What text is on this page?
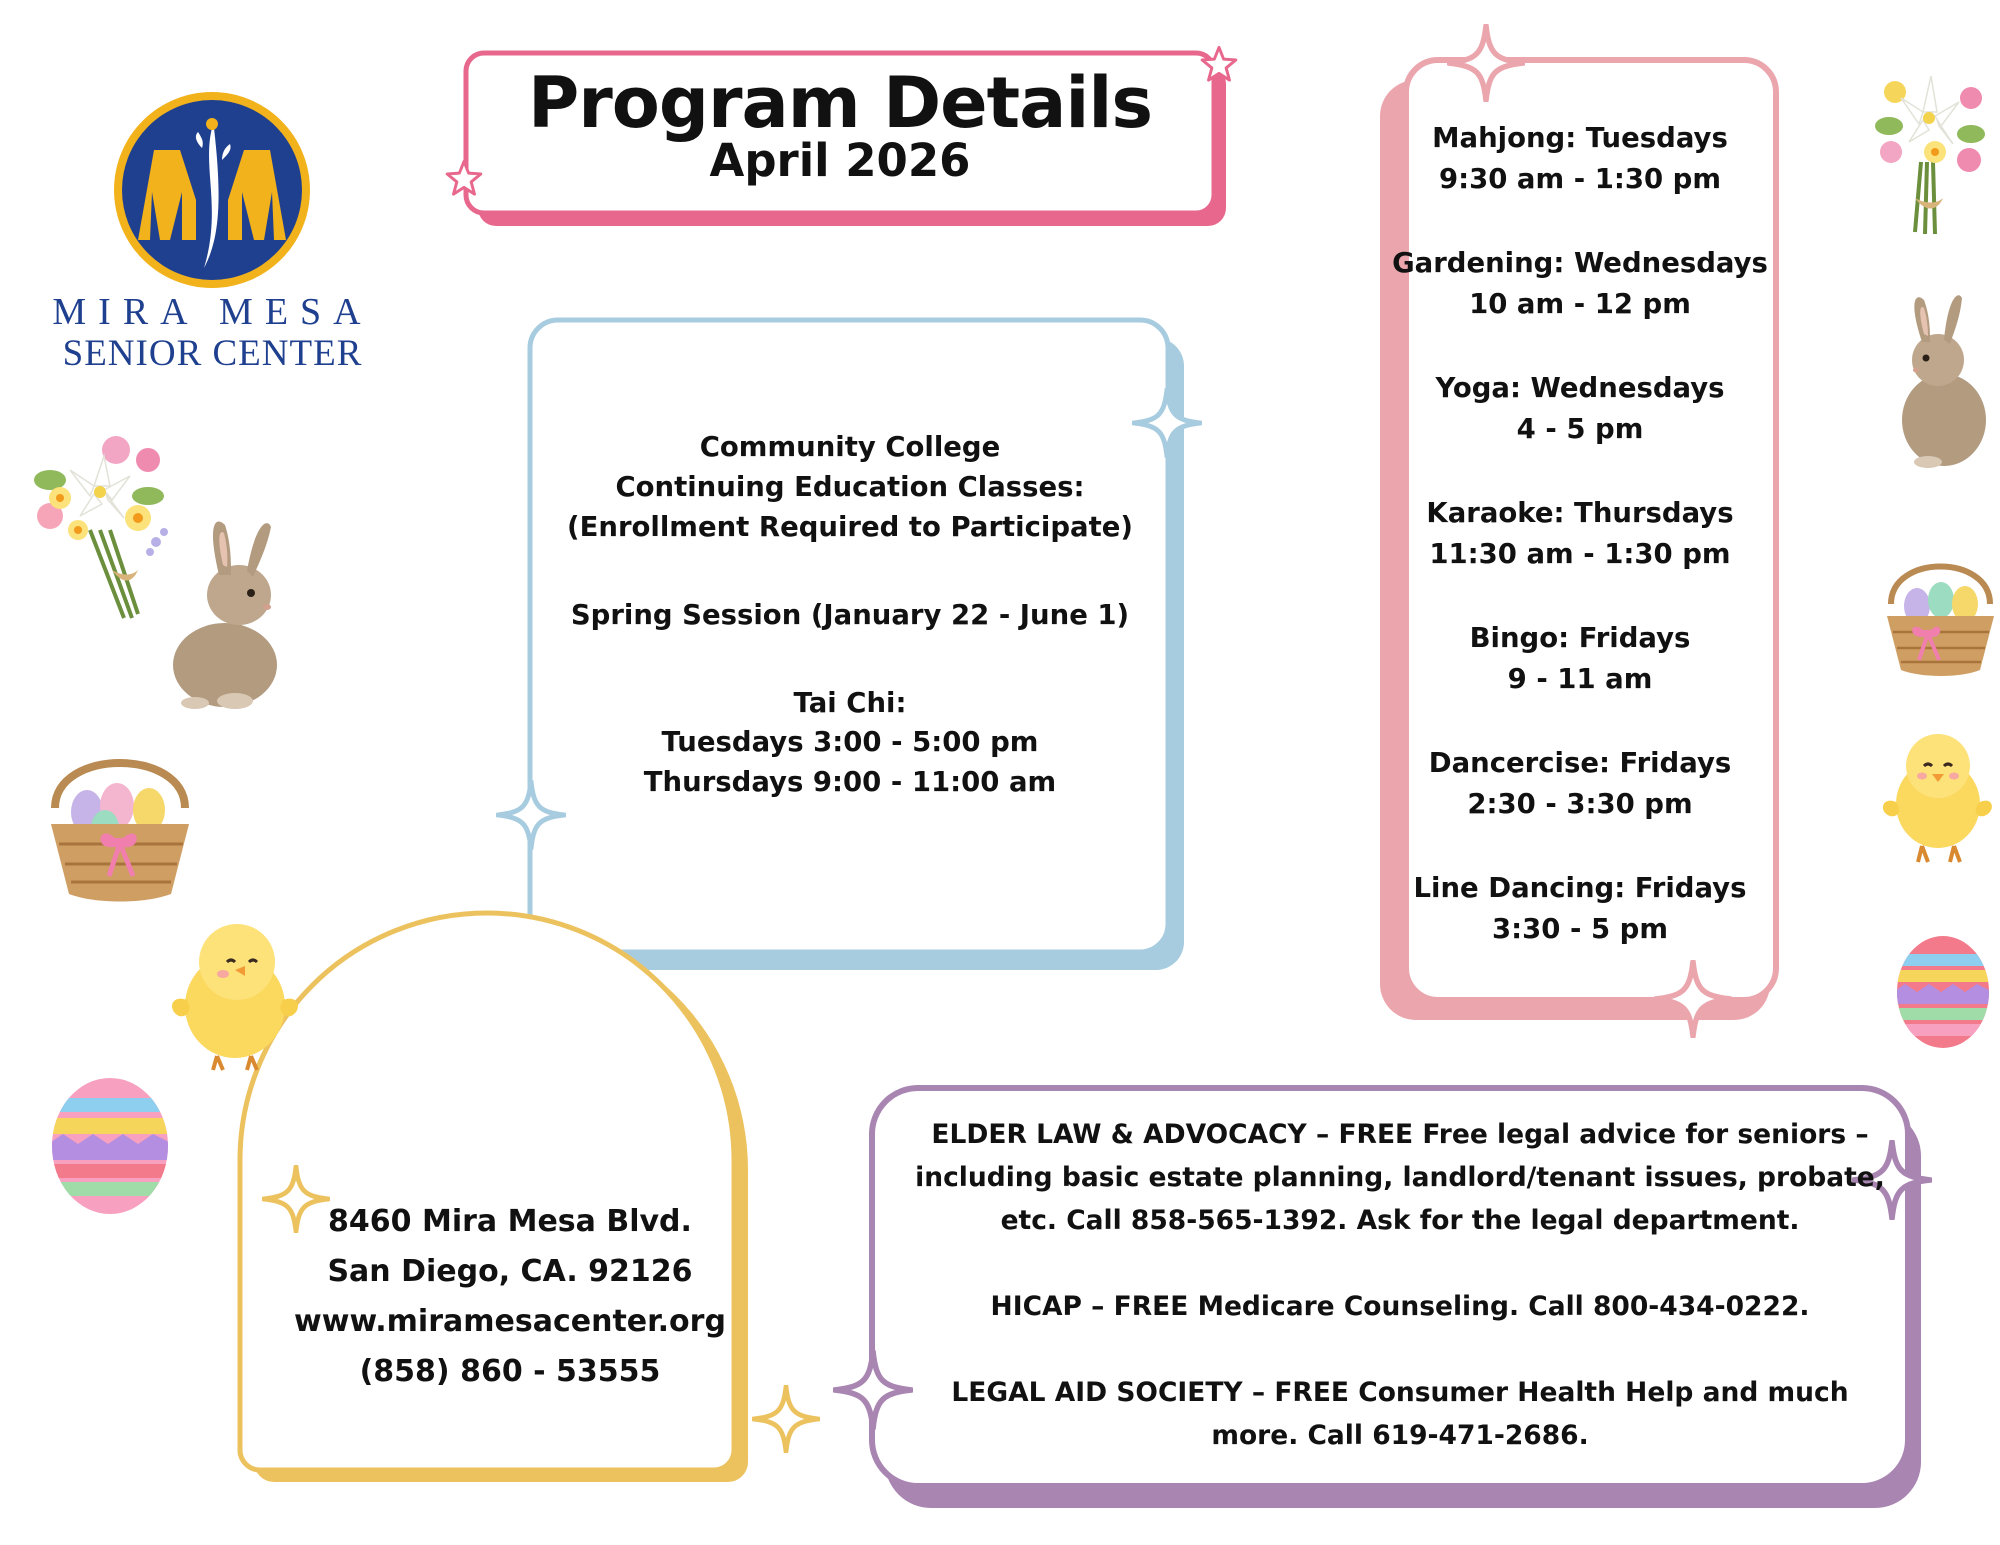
MIRA MESA
SENIOR CENTER
Program Details
April 2026
Community College
Continuing Education Classes:
(Enrollment Required to Participate)
Spring Session (January 22 - June 1)
Tai Chi:
Tuesdays 3:00 - 5:00 pm
Thursdays 9:00 - 11:00 am
Mahjong: Tuesdays
9:30 am - 1:30 pm
Gardening: Wednesdays
10 am - 12 pm
Yoga: Wednesdays
4 - 5 pm
Karaoke: Thursdays
11:30 am - 1:30 pm
Bingo: Fridays
9 - 11 am
Dancercise: Fridays
2:30 - 3:30 pm
Line Dancing: Fridays
3:30 - 5 pm
8460 Mira Mesa Blvd.
San Diego, CA. 92126
www.miramesacenter.org
(858) 860 - 53555
ELDER LAW & ADVOCACY – FREE Free legal advice for seniors –
including basic estate planning, landlord/tenant issues, probate,
etc. Call 858-565-1392. Ask for the legal department.
HICAP – FREE Medicare Counseling. Call 800-434-0222.
LEGAL AID SOCIETY – FREE Consumer Health Help and much
more. Call 619-471-2686.
